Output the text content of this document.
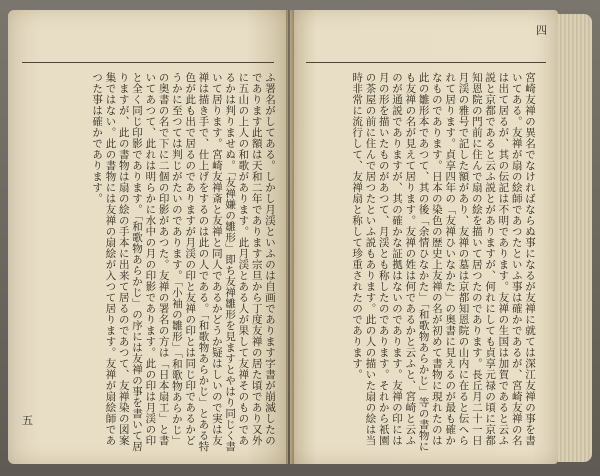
四
五	宮崎友禅の異名でなければならぬ事になるが友禅に就ては深江友禅の事を書いてある。友禅が扇の絵師であつたといふ事は確かであるが、宮崎友禅の名は出て居るが、其の伝記は不明であります。友禅の生国は加賀であると云ふ説と京都であると云ふ説とがありますが、何れにしても貞享元禄の頃に京都知恩院の門前に住んで扇の絵を描いて居つたのであります。長丘月二十一日月渓の雅号で記した額があり、友禅の墓は京都知恩院の山内に在ると伝へられて居ります。貞享四年の「友禅ひいなかた」の奥書に見えるのが最も確かなものであります。日本の染色の歴史上友禅の名が初めて書物に現れたのは此の雛形本であつて、其の後「余情ひなかた」「和歌物あらかじ」等の書物にも友禅の名が見えて居ります。友禅の姓は何であるかと云ふと、宮崎と云ふのが通説でありますが、其の確かな証拠はないのであります。友禅の印には月の形を描いたものがあつて、月渓とも称したのであります。それから祇園の茶屋の前に住んで居つたといふ説もあります。此の人の描いた扇の絵は当時非常に流行して、友禅扇と称して珍重されたのであります。

ふ署名がしてある。しかし月渓といふのは自画であります字書が崩滅したのであります此額は天和二年であります宗旦から丁度友禅の居た頃であり又外に五山の上人の和歌があります。此月渓とある人が果して友禅そのものであるかは判りませぬ。「友禅嫌の雛形」即ち友禅雛形を見ますとやはり同じく書いて居ります。宮崎友禅斎と友禅と同人であるかどうか疑はしいので実は友禅は描き手で、仕上げをするのは此の人である。「和歌物あらかじ」とある特色が此も出で居るのでありますが月渓の印と友禅の印とは同じ印であるかどうかに至つては判じがたいのであります。「小袖の雛形」「和歌物あらかじ」の奥書の名で下に二個の印影があつた。友禅の署名の方は「日本扇工」と書いてあつて、此れは明らかに水中の月の印影であります。此の印は月渓の印と全く同じ印影であります。「和歌物あらかじ」の序には友禅の事を書いて居りますが、此の書物は扇の絵の手本に出来て居るのであつて、友禅染の図案集ではない。此の書物には友禅の扇絵が入つて居ります。友禅が扇絵師であつた事は確かであります。
